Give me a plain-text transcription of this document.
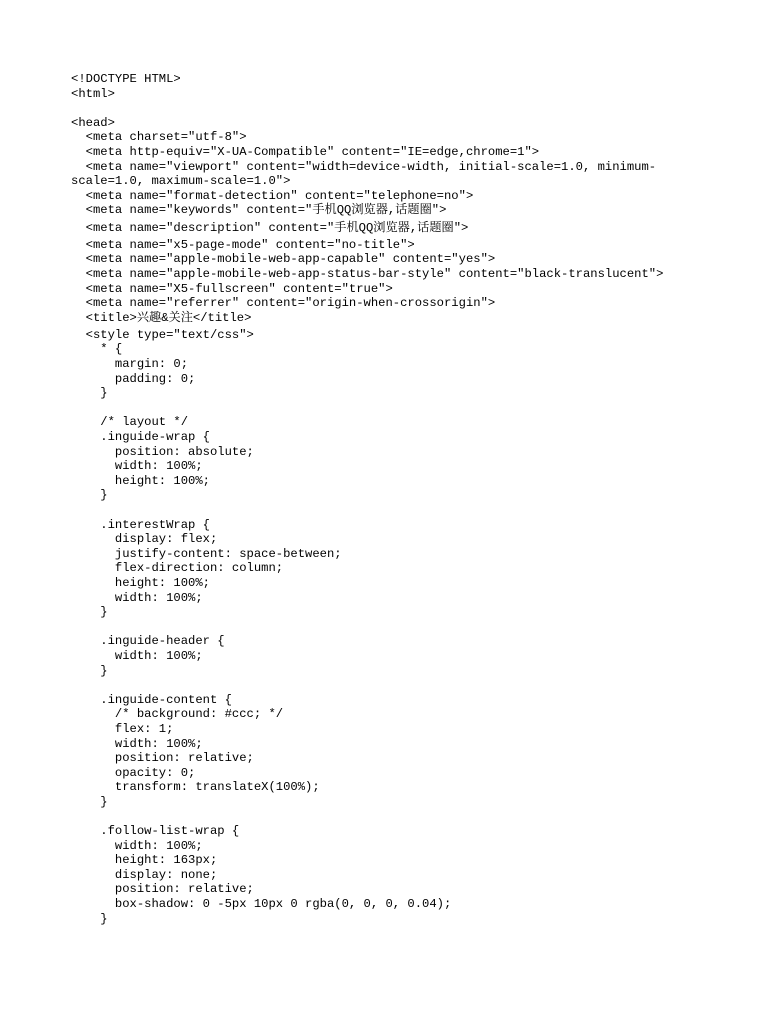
<!DOCTYPE HTML>
<html>
<head>
<meta charset="utf-8">
<meta http-equiv="X-UA-Compatible" content="IE=edge,chrome=1">
<meta name="viewport" content="width=device-width, initial-scale=1.0, minimum-
scale=1.0, maximum-scale=1.0">
<meta name="format-detection" content="telephone=no">
<meta name="keywords" content="手机QQ浏览器,话题圈">
<meta name="description" content="手机QQ浏览器,话题圈">
<meta name="x5-page-mode" content="no-title">
<meta name="apple-mobile-web-app-capable" content="yes">
<meta name="apple-mobile-web-app-status-bar-style" content="black-translucent">
<meta name="X5-fullscreen" content="true">
<meta name="referrer" content="origin-when-crossorigin">
<title>兴趣&关注</title>
<style type="text/css">
* {
margin: 0;
padding: 0;
}
/* layout */
.inguide-wrap {
position: absolute;
width: 100%;
height: 100%;
}
.interestWrap {
display: flex;
justify-content: space-between;
flex-direction: column;
height: 100%;
width: 100%;
}
.inguide-header {
width: 100%;
}
.inguide-content {
/* background: #ccc; */
flex: 1;
width: 100%;
position: relative;
opacity: 0;
transform: translateX(100%);
}
.follow-list-wrap {
width: 100%;
height: 163px;
display: none;
position: relative;
box-shadow: 0 -5px 10px 0 rgba(0, 0, 0, 0.04);
}
